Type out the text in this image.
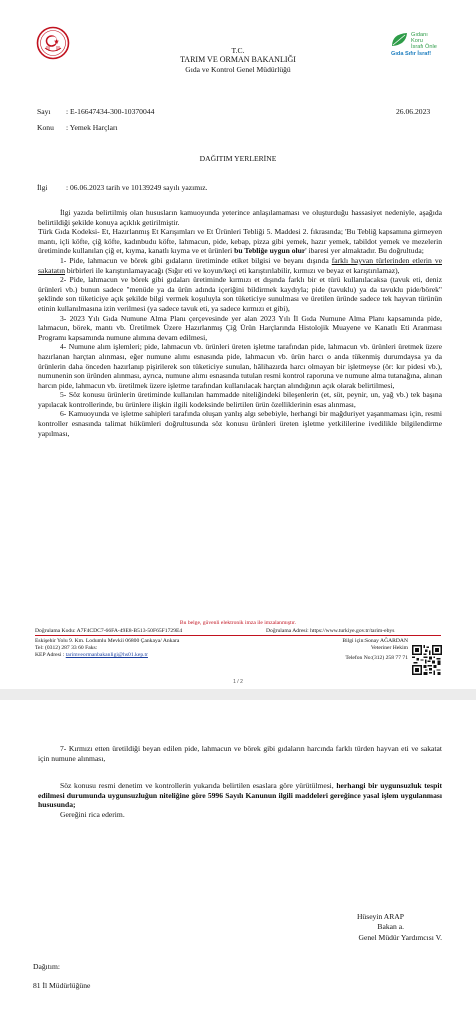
Gıdanı
Koru
İsrafı Önle
Gıda Sıfır İsraf!
T.C.
TARIM VE ORMAN BAKANLIĞI
Gıda ve Kontrol Genel Müdürlüğü
Sayı : E-16647434-300-10370044	26.06.2023
Konu : Yemek Harçları
DAĞITIM YERLERİNE
İlgi : 06.06.2023 tarih ve 10139249 sayılı yazımız.

İlgi yazıda belirtilmiş olan hususların kamuoyunda yeterince anlaşılamaması ve oluşturduğu hassasiyet nedeniyle, aşağıda belirtildiği şekilde konuya açıklık getirilmiştir.

Türk Gıda Kodeksi- Et, Hazırlanmış Et Karışımları ve Et Ürünleri Tebliği 5. Maddesi 2. fıkrasında; 'Bu Tebliğ kapsamına girmeyen mantı, içli köfte, çiğ köfte, kadınbudu köfte, lahmacun, pide, kebap, pizza gibi yemek, hazır yemek, tabildot yemek ve mezelerin üretiminde kullanılan çiğ et, kıyma, kanatlı kıyma ve et ürünleri bu Tebliğe uygun olur' ibaresi yer almaktadır. Bu doğrultuda;

1- Pide, lahmacun ve börek gibi gıdaların üretiminde etiket bilgisi ve beyanı dışında farklı hayvan türlerinden etlerin ve sakatatın birbirleri ile karıştırılamayacağı (Sığır eti ve koyun/keçi eti karıştırılabilir, kırmızı ve beyaz et karıştırılamaz),

2- Pide, lahmacun ve börek gibi gıdaları üretiminde kırmızı et dışında farklı bir et türü kullanılacaksa (tavuk eti, deniz ürünleri vb.) bunun sadece "menüde ya da ürün adında içeriğini bildirmek kaydıyla; pide (tavuklu) ya da tavuklu pide/börek" şeklinde son tüketiciye açık şekilde bilgi vermek koşuluyla son tüketiciye sunulması ve üretilen üründe sadece tek hayvan türünün etinin kullanılmasına izin verilmesi (ya sadece tavuk eti, ya sadece kırmızı et gibi),

3- 2023 Yılı Gıda Numune Alma Planı çerçevesinde yer alan 2023 Yılı İl Gıda Numune Alma Planı kapsamında pide, lahmacun, börek, mantı vb. Üretilmek Üzere Hazırlanmış Çiğ Ürün Harçlarında Histolojik Muayene ve Kanatlı Eti Aranması Programı kapsamında numune alımına devam edilmesi,

4- Numune alım işlemleri; pide, lahmacun vb. ürünleri üreten işletme tarafından pide, lahmacun vb. ürünleri üretmek üzere hazırlanan harçtan alınması, eğer numune alımı esnasında pide, lahmacun vb. ürün harcı o anda tükenmiş durumdaysa ya da ürünlerin daha önceden hazırlanıp pişirilerek son tüketiciye sunulan, hâlihazırda harcı olmayan bir işletmeyse (ör: kır pidesi vb.), numunenin son üründen alınması, ayrıca, numune alımı esnasında tutulan resmi kontrol raporuna ve numune alma tutanağına, alınan harcın pide, lahmacun vb. üretilmek üzere işletme tarafından kullanılacak harçtan alındığının açık olarak belirtilmesi,

5- Söz konusu ürünlerin üretiminde kullanılan hammadde niteliğindeki bileşenlerin (et, süt, peynir, un, yağ vb.) tek başına yapılacak kontrollerinde, bu ürünlere ilişkin ilgili kodeksinde belirtilen ürün özelliklerinin esas alınması,

6- Kamuoyunda ve işletme sahipleri tarafında oluşan yanlış algı sebebiyle, herhangi bir mağduriyet yaşanmaması için, resmi kontroller esnasında talimat hükümleri doğrultusunda söz konusu ürünleri üreten işletme yetkililerine ivedilikle bilgilendirme yapılması,

Bu belge, güvenli elektronik imza ile imzalanmıştır.
Doğrulama Kodu: A7F4CDC7-66FA-49E8-B513-50F65F1729E4	Doğrulama Adresi: https://www.turkiye.gov.tr/tarim-ebys
Eskişehir Yolu 9. Km. Lodumlu Mevkii 06800 Çankaya/ Ankara
Tel: (0312) 287 33 60 Faks:
KEP Adresi : tarimveormanbakanligi@hs01.kep.tr
Bilgi için:Sonay AĞARDAN
Veteriner Hekim
Telefon No:(312) 258 77 71
1 / 2

7- Kırmızı etten üretildiği beyan edilen pide, lahmacun ve börek gibi gıdaların harcında farklı türden hayvan eti ve sakatat için numune alınması,

Söz konusu resmi denetim ve kontrollerin yukarıda belirtilen esaslara göre yürütülmesi, herhangi bir uygunsuzluk tespit edilmesi durumunda uygunsuzluğun niteliğine göre 5996 Sayılı Kanunun ilgili maddeleri gereğince yasal işlem uygulanması hususunda;

Gereğini rica ederim.

Hüseyin ARAP
Bakan a.
Genel Müdür Yardımcısı V.
Dağıtım:
81 İl Müdürlüğüne
